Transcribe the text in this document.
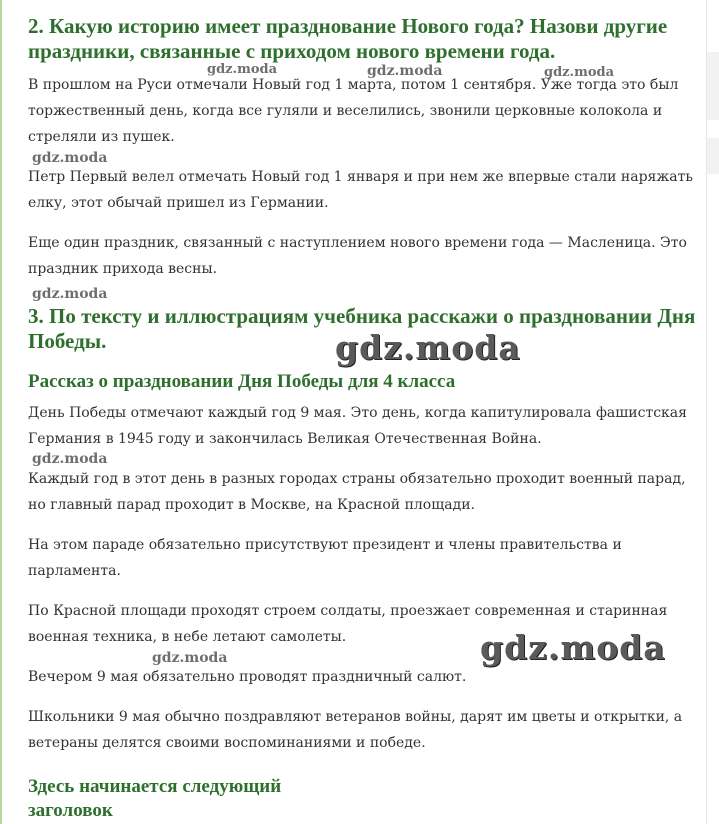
2. Какую историю имеет празднование Нового года? Назови другие праздники, связанные с приходом нового времени года.

В прошлом на Руси отмечали Новый год 1 марта, потом 1 сентября. Уже тогда это был торжественный день, когда все гуляли и веселились, звонили церковные колокола и стреляли из пушек.

Петр Первый велел отмечать Новый год 1 января и при нем же впервые стали наряжать елку, этот обычай пришел из Германии.

Еще один праздник, связанный с наступлением нового времени года — Масленица. Это праздник прихода весны.

3. По тексту и иллюстрациям учебника расскажи о праздновании Дня Победы.
Рассказ о праздновании Дня Победы для 4 класса

День Победы отмечают каждый год 9 мая. Это день, когда капитулировала фашистская Германия в 1945 году и закончилась Великая Отечественная Война.

Каждый год в этот день в разных городах страны обязательно проходит военный парад, но главный парад проходит в Москве, на Красной площади.

На этом параде обязательно присутствуют президент и члены правительства и парламента.

По Красной площади проходят строем солдаты, проезжает современная и старинная военная техника, в небе летают самолеты.

Вечером 9 мая обязательно проводят праздничный салют.

Школьники 9 мая обычно поздравляют ветеранов войны, дарят им цветы и открытки, а ветераны делятся своими воспоминаниями и победе.

Здесь начинается следующий заголовок
gdz.moda	gdz.moda	gdz.moda
gdz.moda
gdz.moda
gdz.moda
gdz.moda
gdz.moda	gdz.moda
